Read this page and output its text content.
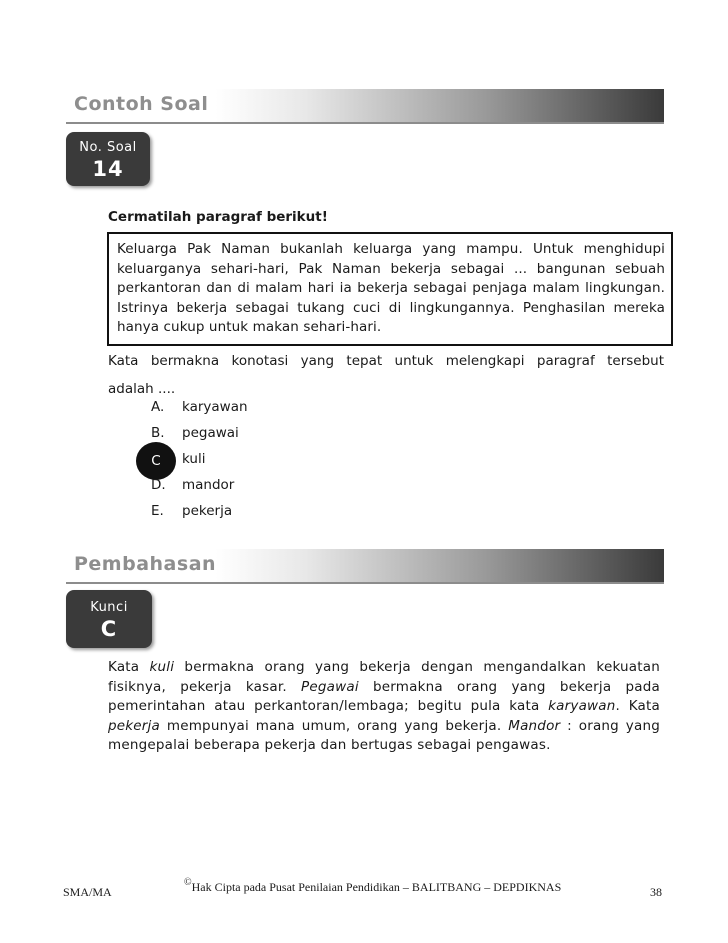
Contoh Soal
No. Soal
14
Cermatilah paragraf berikut!
Keluarga Pak Naman bukanlah keluarga yang mampu. Untuk menghidupi keluarganya sehari-hari, Pak Naman bekerja sebagai ... bangunan sebuah perkantoran dan di malam hari ia bekerja sebagai penjaga malam lingkungan. Istrinya bekerja sebagai tukang cuci di lingkungannya. Penghasilan mereka hanya cukup untuk makan sehari-hari.
Kata bermakna konotasi yang tepat untuk melengkapi paragraf tersebut
adalah ....
A.	karyawan
B.	pegawai
C	kuli
D.	mandor
E.	pekerja
Pembahasan
Kunci
C
Kata kuli bermakna orang yang bekerja dengan mengandalkan kekuatan fisiknya, pekerja kasar. Pegawai bermakna orang yang bekerja pada pemerintahan atau perkantoran/lembaga; begitu pula kata karyawan. Kata pekerja mempunyai mana umum, orang yang bekerja. Mandor : orang yang mengepalai beberapa pekerja dan bertugas sebagai pengawas.
SMA/MA
©Hak Cipta pada Pusat Penilaian Pendidikan – BALITBANG – DEPDIKNAS	38
